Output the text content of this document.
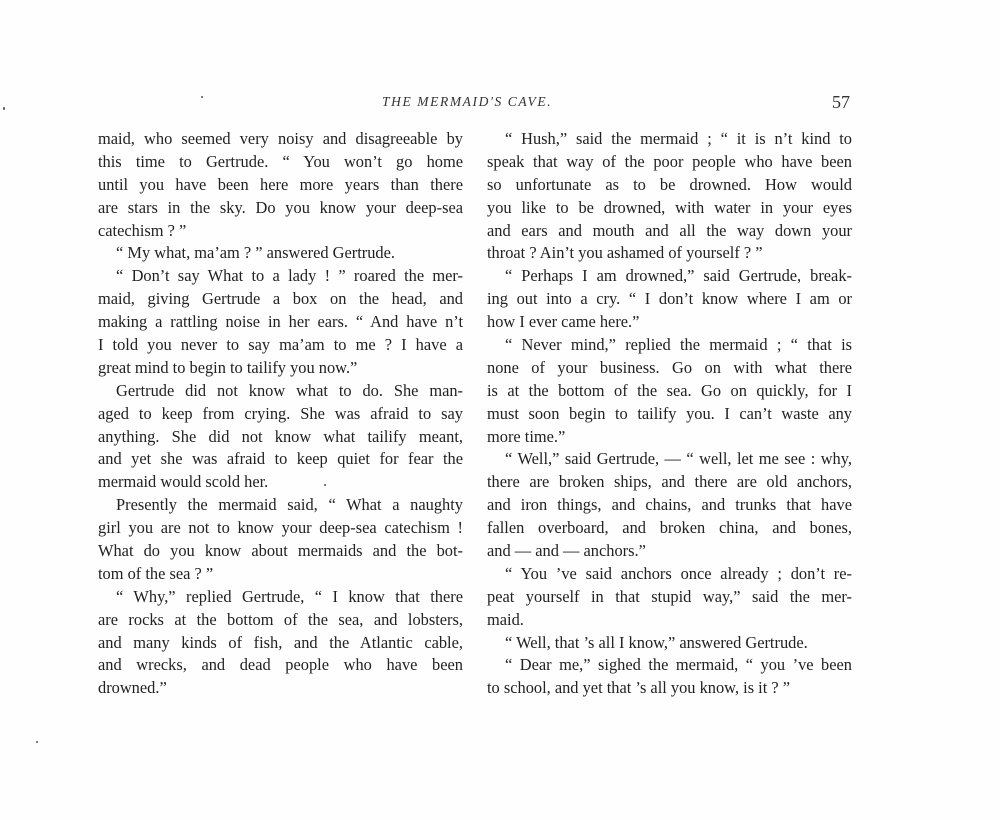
THE MERMAID'S CAVE.	57
maid, who seemed very noisy and disagreeable by
this time to Gertrude. “ You won’t go home
until you have been here more years than there
are stars in the sky. Do you know your deep-sea
catechism ? ”
“ My what, ma’am ? ” answered Gertrude.
“ Don’t say What to a lady ! ” roared the mer-
maid, giving Gertrude a box on the head, and
making a rattling noise in her ears. “ And have n’t
I told you never to say ma’am to me ? I have a
great mind to begin to tailify you now.”
Gertrude did not know what to do. She man-
aged to keep from crying. She was afraid to say
anything. She did not know what tailify meant,
and yet she was afraid to keep quiet for fear the
mermaid would scold her.
Presently the mermaid said, “ What a naughty
girl you are not to know your deep-sea catechism !
What do you know about mermaids and the bot-
tom of the sea ? ”
“ Why,” replied Gertrude, “ I know that there
are rocks at the bottom of the sea, and lobsters,
and many kinds of fish, and the Atlantic cable,
and wrecks, and dead people who have been
drowned.”
“ Hush,” said the mermaid ; “ it is n’t kind to
speak that way of the poor people who have been
so unfortunate as to be drowned. How would
you like to be drowned, with water in your eyes
and ears and mouth and all the way down your
throat ? Ain’t you ashamed of yourself ? ”
“ Perhaps I am drowned,” said Gertrude, break-
ing out into a cry. “ I don’t know where I am or
how I ever came here.”
“ Never mind,” replied the mermaid ; “ that is
none of your business. Go on with what there
is at the bottom of the sea. Go on quickly, for I
must soon begin to tailify you. I can’t waste any
more time.”
“ Well,” said Gertrude, — “ well, let me see : why,
there are broken ships, and there are old anchors,
and iron things, and chains, and trunks that have
fallen overboard, and broken china, and bones,
and — and — anchors.”
“ You ’ve said anchors once already ; don’t re-
peat yourself in that stupid way,” said the mer-
maid.
“ Well, that ’s all I know,” answered Gertrude.
“ Dear me,” sighed the mermaid, “ you ’ve been
to school, and yet that ’s all you know, is it ? ”
